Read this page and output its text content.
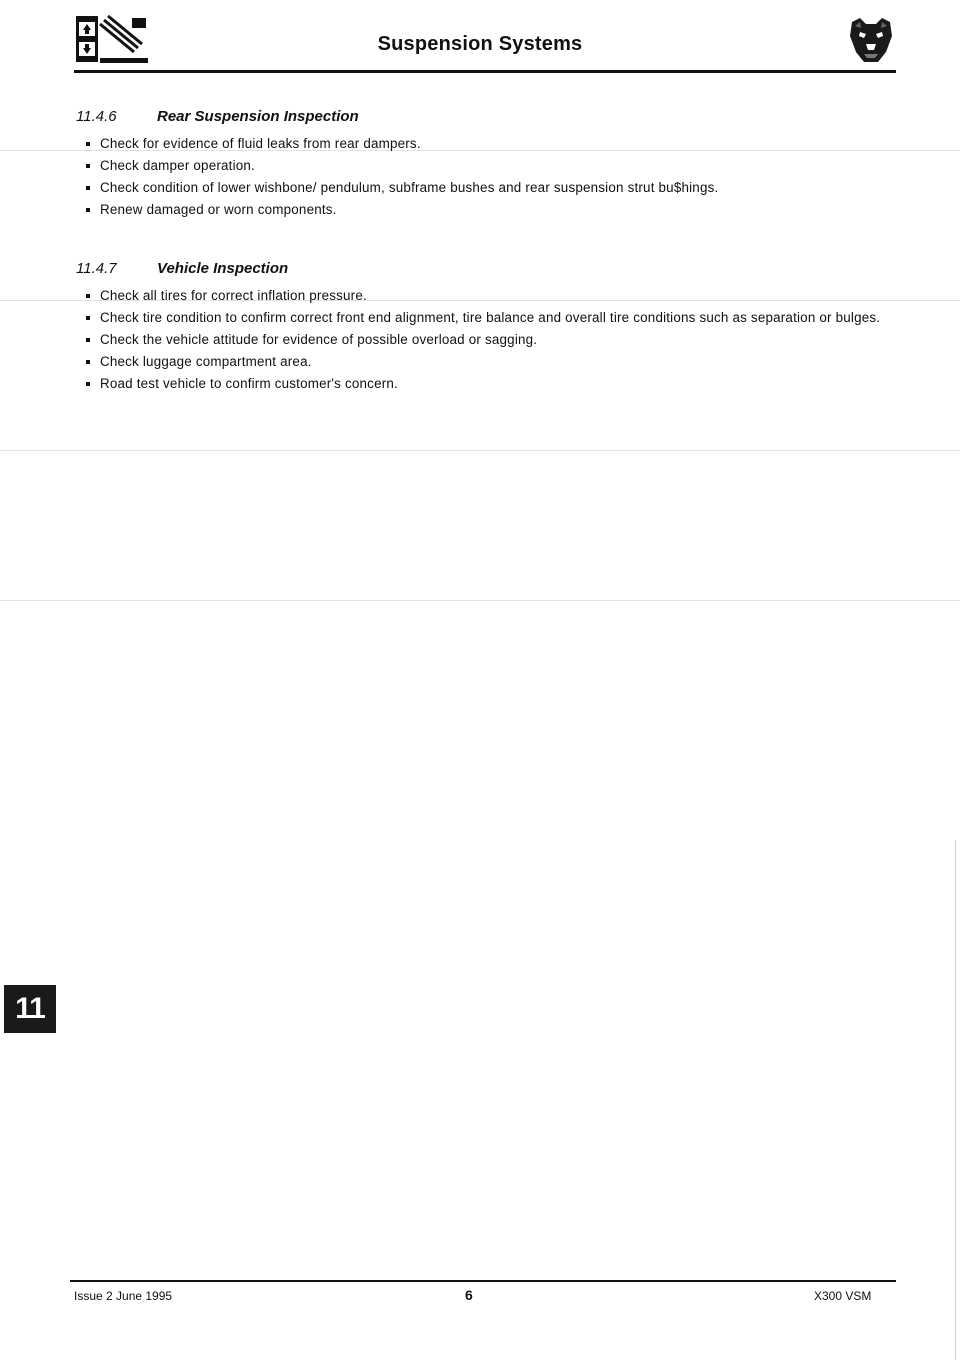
Suspension Systems
11.4.6	Rear Suspension Inspection
Check for evidence of fluid leaks from rear dampers.
Check damper operation.
Check condition of lower wishbone/ pendulum, subframe bushes and rear suspension strut bu$hings.
Renew damaged or worn components.
11.4.7	Vehicle Inspection
Check all tires for correct inflation pressure.
Check tire condition to confirm correct front end alignment, tire balance and overall tire conditions such as separation or bulges.
Check the vehicle attitude for evidence of possible overload or sagging.
Check luggage compartment area.
Road test vehicle to confirm customer's concern.
11
Issue 2 June 1995	6	X300 VSM
